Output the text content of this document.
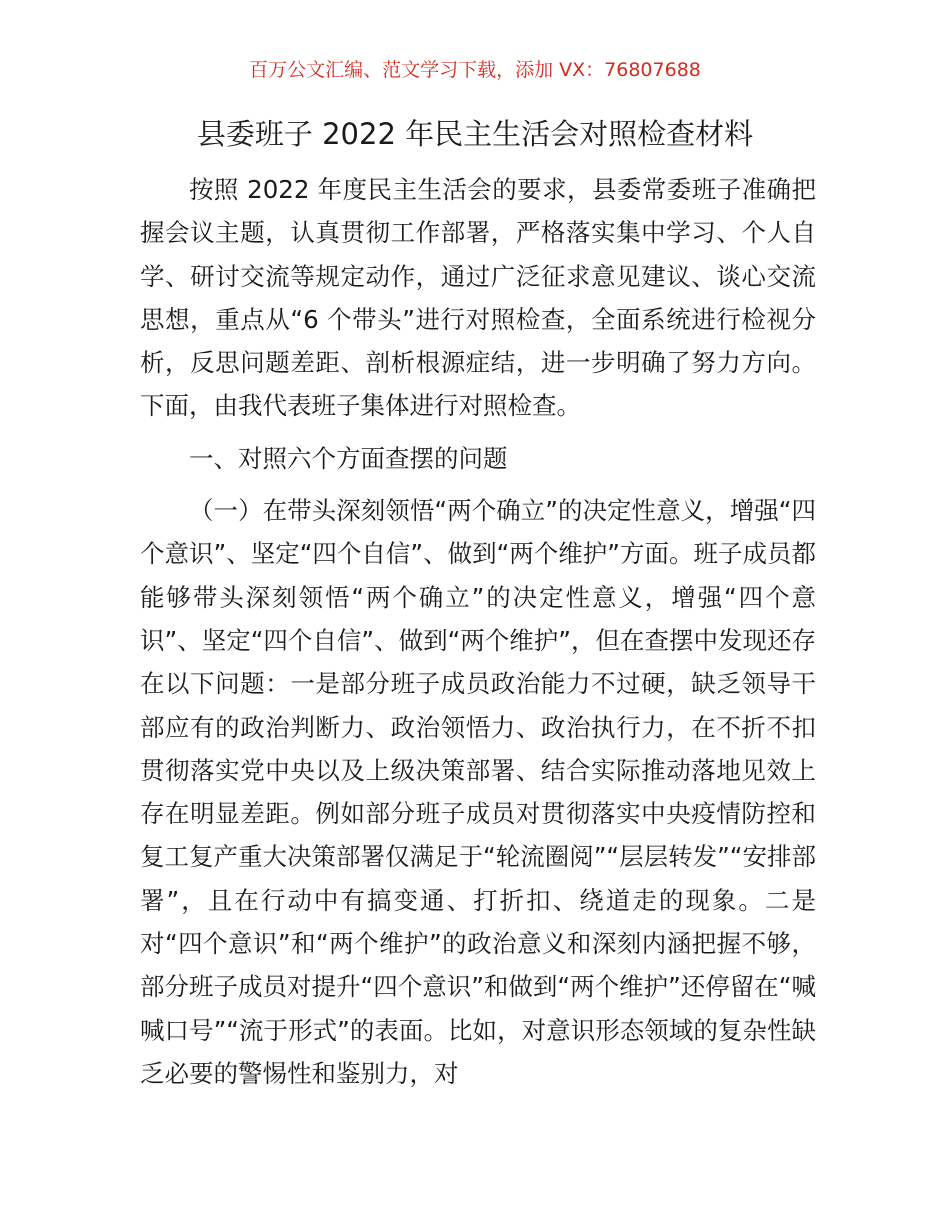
百万公文汇编、范文学习下载，添加 VX：76807688
县委班子 2022 年民主生活会对照检查材料

按照 2022 年度民主生活会的要求，县委常委班子准确把握会议主题，认真贯彻工作部署，严格落实集中学习、个人自学、研讨交流等规定动作，通过广泛征求意见建议、谈心交流思想，重点从“6 个带头”进行对照检查，全面系统进行检视分析，反思问题差距、剖析根源症结，进一步明确了努力方向。下面，由我代表班子集体进行对照检查。

一、对照六个方面查摆的问题

（一）在带头深刻领悟“两个确立”的决定性意义，增强“四个意识”、坚定“四个自信”、做到“两个维护”方面。班子成员都能够带头深刻领悟“两个确立”的决定性意义，增强“四个意识”、坚定“四个自信”、做到“两个维护”，但在查摆中发现还存在以下问题：一是部分班子成员政治能力不过硬，缺乏领导干部应有的政治判断力、政治领悟力、政治执行力，在不折不扣贯彻落实党中央以及上级决策部署、结合实际推动落地见效上存在明显差距。例如部分班子成员对贯彻落实中央疫情防控和复工复产重大决策部署仅满足于“轮流圈阅”“层层转发”“安排部署”，且在行动中有搞变通、打折扣、绕道走的现象。二是对“四个意识”和“两个维护”的政治意义和深刻内涵把握不够，部分班子成员对提升“四个意识”和做到“两个维护”还停留在“喊喊口号”“流于形式”的表面。比如，对意识形态领域的复杂性缺乏必要的警惕性和鉴别力，对
